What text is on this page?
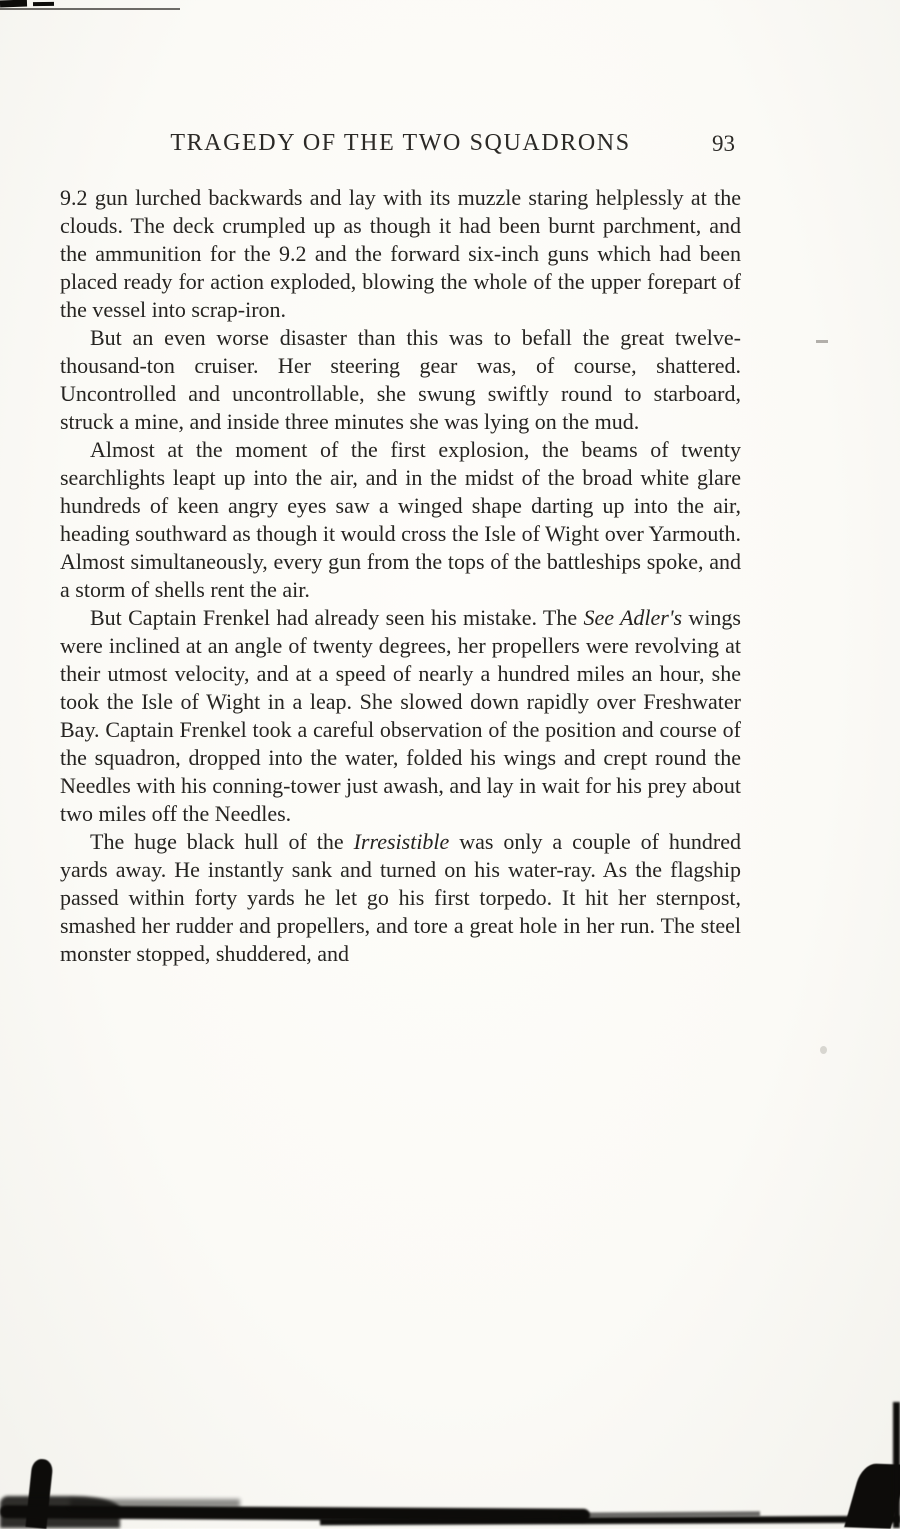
TRAGEDY OF THE TWO SQUADRONS	93

9.2 gun lurched backwards and lay with its muzzle staring helplessly at the clouds. The deck crumpled up as though it had been burnt parchment, and the ammunition for the 9.2 and the forward six-inch guns which had been placed ready for action exploded, blowing the whole of the upper forepart of the vessel into scrap-iron.

But an even worse disaster than this was to befall the great twelve-thousand-ton cruiser. Her steering gear was, of course, shattered. Uncontrolled and uncontrollable, she swung swiftly round to starboard, struck a mine, and inside three minutes she was lying on the mud.

Almost at the moment of the first explosion, the beams of twenty searchlights leapt up into the air, and in the midst of the broad white glare hundreds of keen angry eyes saw a winged shape darting up into the air, heading southward as though it would cross the Isle of Wight over Yarmouth. Almost simultaneously, every gun from the tops of the battleships spoke, and a storm of shells rent the air.

But Captain Frenkel had already seen his mistake. The See Adler's wings were inclined at an angle of twenty degrees, her propellers were revolving at their utmost velocity, and at a speed of nearly a hundred miles an hour, she took the Isle of Wight in a leap. She slowed down rapidly over Freshwater Bay. Captain Frenkel took a careful observation of the position and course of the squadron, dropped into the water, folded his wings and crept round the Needles with his conning-tower just awash, and lay in wait for his prey about two miles off the Needles.

The huge black hull of the Irresistible was only a couple of hundred yards away. He instantly sank and turned on his water-ray. As the flagship passed within forty yards he let go his first torpedo. It hit her sternpost, smashed her rudder and propellers, and tore a great hole in her run. The steel monster stopped, shuddered, and
